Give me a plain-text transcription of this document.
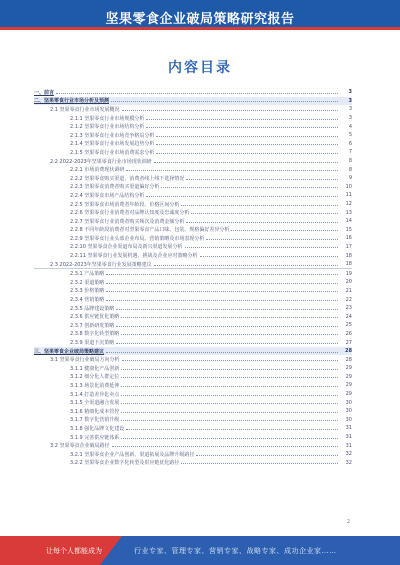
坚果零食企业破局策略研究报告
内容目录
一、前言	3
二、坚果零食行业市场分析及预测	3
2.1 坚果零食行业市场发展概况	3
2.1.1 坚果零食行业市场规模分析	3
2.1.2 坚果零食行业市场结构分析	4
2.1.3 坚果零食行业市场竞争格局分析	5
2.1.4 坚果零食行业市场发展趋势分析	6
2.1.5 坚果零食行业市场消费需求分析	7
2.2 2022-2023年坚果零食行业市场现状调研	8
2.2.1 市场消费现状调研	8
2.2.2 坚果零食购买渠道，消费者线上线下选择情况	9
2.2.3 坚果零食消费者购买渠道偏好分析	10
2.2.4 坚果零食市场产品结构分析	11
2.2.5 坚果零食市场消费者年龄段、价格区间分析	12
2.2.6 坚果零食行业消费者对品牌认知度及忠诚度分析	13
2.2.7 坚果零食行业消费者购买频次及消费金额分析	14
2.2.8 不同年龄段消费者对坚果零食产品口味、包装、规格偏好差异分析	15
2.2.9 坚果零食行业头部企业布局、营销策略及市场表现分析	16
2.2.10 坚果零食企业渠道布局及新兴渠道发展分析	17
2.2.11 坚果零食行业发展机遇、挑战及企业应对策略分析	18
2.3 2022-2023年坚果零食行业发展策略建议	18
2.3.1 产品策略	19
2.3.2 渠道策略	20
2.3.3 价格策略	21
2.3.4 营销策略	22
2.3.5 品牌建设策略	23
2.3.6 供应链优化策略	24
2.3.7 创新研发策略	25
2.3.8 数字化转型策略	26
2.3.9 渠道下沉策略	27
三、坚果零食企业破局策略建议	28
3.1 坚果零食行业破局方向分析	28
3.1.1 健康化产品创新	29
3.1.2 细分化人群定位	29
3.1.3 场景化消费延伸	29
3.1.4 打造差异化卖点	29
3.1.5 全渠道融合发展	30
3.1.6 精细化成本管控	30
3.1.7 数字化营销升级	30
3.1.8 强化品牌文化建设	31
3.1.9 完善供应链体系	31
3.2 坚果零食企业破局路径	31
3.2.1 坚果零食企业产品创新、渠道拓展及品牌升级路径	32
3.2.2 坚果零食企业数字化转型及供应链优化路径	32
2
让每个人都能成为	行业专家、管理专家、营销专家、战略专家、成功企业家……
